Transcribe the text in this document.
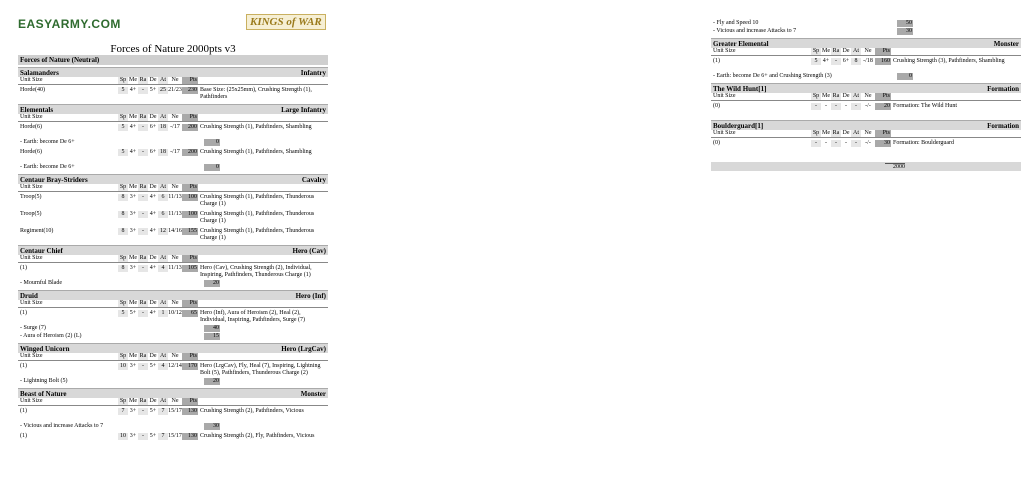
EASYARMY.COM	KINGS of WAR
Forces of Nature 2000pts v3
Forces of Nature (Neutral)
Salamanders	Infantry
Unit Size	Sp Me Ra De At Ne	Pts
Horde(40)	5 4+ - 5+ 25 21/23	230 Base Size: (25x25mm), Crushing Strength (1), Pathfinders
Elementals	Large Infantry
Unit Size	Sp Me Ra De At Ne	Pts
Horde(6)	5 4+ - 6+ 18 -/17	200 Crushing Strength (1), Pathfinders, Shambling
- Earth: become De 6+	0
Horde(6)	5 4+ - 6+ 18 -/17	200 Crushing Strength (1), Pathfinders, Shambling
- Earth: become De 6+	0
Centaur Bray-Striders	Cavalry
Unit Size	Sp Me Ra De At Ne	Pts
Troop(5)	8 3+ - 4+ 6 11/13	100 Crushing Strength (1), Pathfinders, Thunderous Charge (1)
Troop(5)	8 3+ - 4+ 6 11/13	100 Crushing Strength (1), Pathfinders, Thunderous Charge (1)
Regiment(10)	8 3+ - 4+ 12 14/16	155 Crushing Strength (1), Pathfinders, Thunderous Charge (1)
Centaur Chief	Hero (Cav)
Unit Size	Sp Me Ra De At Ne	Pts
(1)	8 3+ - 4+ 4 11/13	105 Hero (Cav), Crushing Strength (2), Individual, Inspiring, Pathfinders, Thunderous Charge (1)
- Mournful Blade	20
Druid	Hero (Inf)
Unit Size	Sp Me Ra De At Ne	Pts
(1)	5 5+ - 4+ 1 10/12	65 Hero (Inf), Aura of Heroism (2), Heal (2), Individual, Inspiring, Pathfinders, Surge (7)
- Surge (7)	40
- Aura of Heroism (2) (L)	15
Winged Unicorn	Hero (LrgCav)
Unit Size	Sp Me Ra De At Ne	Pts
(1)	10 3+ - 5+ 4 12/14	170 Hero (LrgCav), Fly, Heal (7), Inspiring, Lightning Bolt (5), Pathfinders, Thunderous Charge (2)
- Lightning Bolt (5)	20
Beast of Nature	Monster
Unit Size	Sp Me Ra De At Ne	Pts
(1)	7 3+ - 5+ 7 15/17	130 Crushing Strength (2), Pathfinders, Vicious
- Vicious and increase Attacks to 7	30
(1)	10 3+ - 5+ 7 15/17	130 Crushing Strength (2), Fly, Pathfinders, Vicious
- Fly and Speed 10	50
- Vicious and increase Attacks to 7	30
Greater Elemental	Monster
Unit Size	Sp Me Ra De At Ne	Pts
(1)	5 4+ - 6+ 8 -/18	160 Crushing Strength (3), Pathfinders, Shambling
- Earth: become De 6+ and Crushing Strength (3)	0
The Wild Hunt[1]	Formation
Unit Size	Sp Me Ra De At Ne	Pts
(0)	-	-	-	-	-	-/-	20 Formation: The Wild Hunt
Boulderguard[1]	Formation
Unit Size	Sp Me Ra De At Ne	Pts
(0)	-	-	-	-	-	-/-	30 Formation: Boulderguard
2000
